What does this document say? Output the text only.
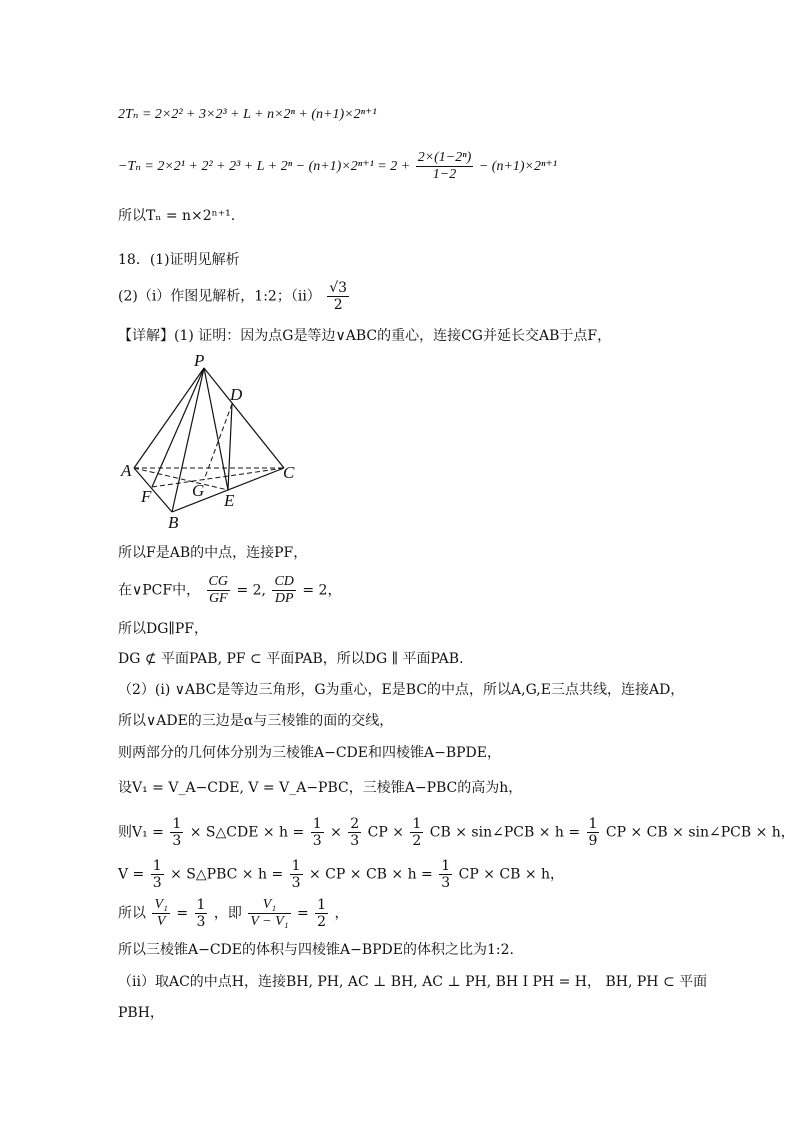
2Tₙ = 2×2² + 3×2³ + L + n×2ⁿ + (n+1)×2ⁿ⁺¹
$-T_n = 2\times 2^1 + 2^2 + 2^3 + L + 2^n - (n+1)\times 2^{n+1} = 2 + \frac{\text{2×(1−2ⁿ)}}{1-2} - (n+1)\times 2^{n+1}$
所以Tₙ = n×2ⁿ⁺¹.
18．(1)证明见解析
(2)（i）作图见解析，1:2；$(ii) \frac{√3}{2}$
【详解】(1) 证明：因为点G是等边∨ABC的重心，连接CG并延长交AB于点F，
P
D
A	C
G
F	E
B
所以F是AB的中点，连接PF，
在∨PCF中， $\frac{CG}{GF} = 2$, $\frac{CD}{DP} = 2$，
所以DG∥PF，
DG ⊄ 平面PAB, PF ⊂ 平面PAB，所以DG ∥ 平面PAB.
（2）(i) ∨ABC是等边三角形，G为重心，E是BC的中点，所以A,G,E三点共线，连接AD，
所以∨ADE的三边是α与三棱锥的面的交线，
则两部分的几何体分别为三棱锥A−CDE和四棱锥A−BPDE，
设V₁ = V_A−CDE, V = V_A−PBC，三棱锥A−PBC的高为h，
则$V_1 = \frac{1}{3}$ × S△CDE × $h = \frac{1}{3} \times \frac{2}{3}$ CP × $\frac{1}{2}$ CB × sin∠PCB × $h = \frac{1}{9}$ CP × CB × sin∠PCB × h，
$V = \frac{1}{3}$ × S△PBC × $h = \frac{1}{3}$ × CP × CB × $h = \frac{1}{3}$ CP × CB × h，
所以 $\frac{\text{V₁}}{V} = \frac{1}{3}$ ，即 $\frac{\text{V₁}}{\text{V − V₁}} = \frac{1}{2}$ ，
所以三棱锥A−CDE的体积与四棱锥A−BPDE的体积之比为1:2.
（ii）取AC的中点H，连接BH, PH, AC ⊥ BH, AC ⊥ PH, BH I PH = H， BH, PH ⊂ 平面
PBH，
